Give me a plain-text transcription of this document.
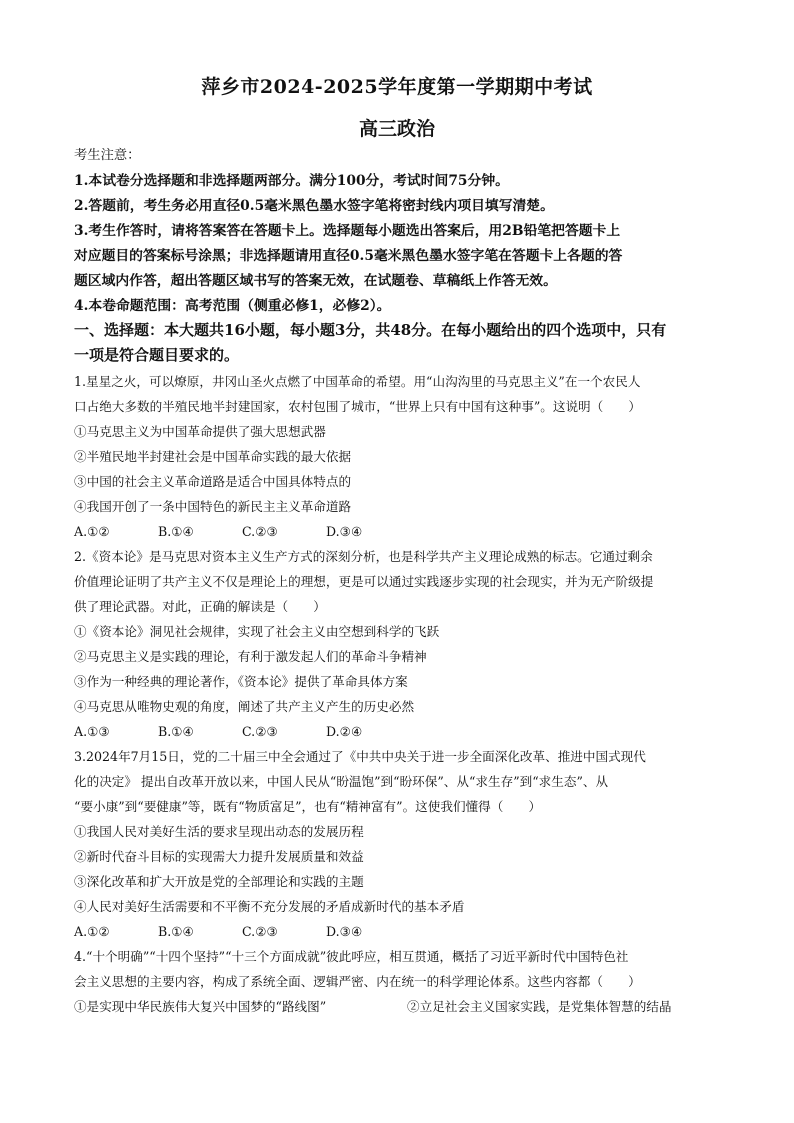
萍乡市2024-2025学年度第一学期期中考试
高三政治
考生注意：
1.本试卷分选择题和非选择题两部分。满分100分，考试时间75分钟。
2.答题前，考生务必用直径0.5毫米黑色墨水签字笔将密封线内项目填写清楚。
3.考生作答时，请将答案答在答题卡上。选择题每小题选出答案后，用2B铅笔把答题卡上
对应题目的答案标号涂黑；非选择题请用直径0.5毫米黑色墨水签字笔在答题卡上各题的答
题区域内作答，超出答题区域书写的答案无效，在试题卷、草稿纸上作答无效。
4.本卷命题范围：高考范围（侧重必修1，必修2）。
一、选择题：本大题共16小题，每小题3分，共48分。在每小题给出的四个选项中，只有
一项是符合题目要求的。
1.星星之火，可以燎原，井冈山圣火点燃了中国革命的希望。用“山沟沟里的马克思主义”在一个农民人
口占绝大多数的半殖民地半封建国家，农村包围了城市，“世界上只有中国有这种事”。这说明（　　）
①马克思主义为中国革命提供了强大思想武器
②半殖民地半封建社会是中国革命实践的最大依据
③中国的社会主义革命道路是适合中国具体特点的
④我国开创了一条中国特色的新民主主义革命道路
A.①②	B.①④	C.②③	D.③④
2.《资本论》是马克思对资本主义生产方式的深刻分析，也是科学共产主义理论成熟的标志。它通过剩余
价值理论证明了共产主义不仅是理论上的理想，更是可以通过实践逐步实现的社会现实，并为无产阶级提
供了理论武器。对此，正确的解读是（　　）
①《资本论》洞见社会规律，实现了社会主义由空想到科学的飞跃
②马克思主义是实践的理论，有利于激发起人们的革命斗争精神
③作为一种经典的理论著作，《资本论》提供了革命具体方案
④马克思从唯物史观的角度，阐述了共产主义产生的历史必然
A.①③	B.①④	C.②③	D.②④
3.2024年7月15日，党的二十届三中全会通过了《中共中央关于进一步全面深化改革、推进中国式现代
化的决定》 提出自改革开放以来，中国人民从“盼温饱”到“盼环保”、从“求生存”到“求生态”、从
“要小康”到“要健康”等，既有“物质富足”，也有“精神富有”。这使我们懂得（　　）
①我国人民对美好生活的要求呈现出动态的发展历程
②新时代奋斗目标的实现需大力提升发展质量和效益
③深化改革和扩大开放是党的全部理论和实践的主题
④人民对美好生活需要和不平衡不充分发展的矛盾成新时代的基本矛盾
A.①②	B.①④	C.②③	D.③④
4.“十个明确”“十四个坚持”“十三个方面成就”彼此呼应，相互贯通，概括了习近平新时代中国特色社
会主义思想的主要内容，构成了系统全面、逻辑严密、内在统一的科学理论体系。这些内容都（　　）
①是实现中华民族伟大复兴中国梦的“路线图”	②立足社会主义国家实践，是党集体智慧的结晶
